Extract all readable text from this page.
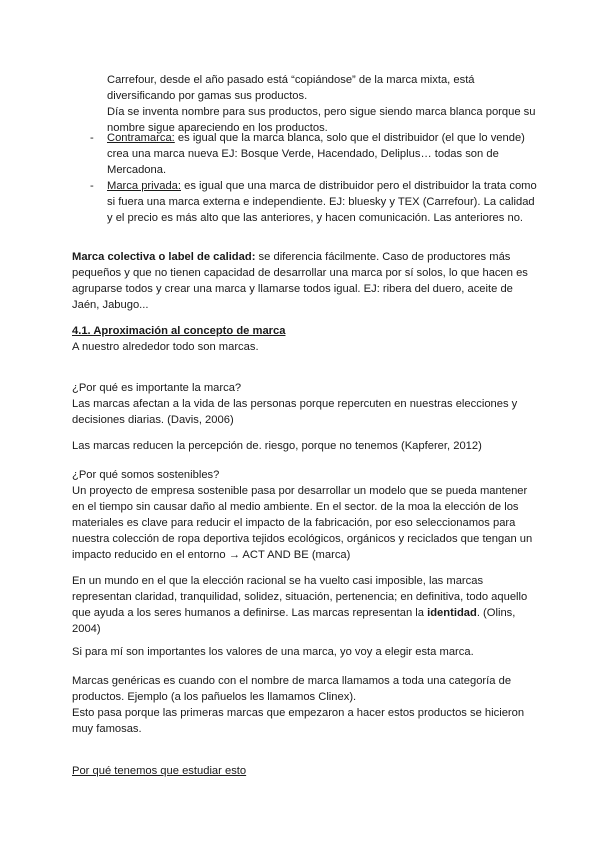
Carrefour, desde el año pasado está “copiándose” de la marca mixta, está diversificando por gamas sus productos.

Día se inventa nombre para sus productos, pero sigue siendo marca blanca porque su nombre sigue apareciendo en los productos.

- Contramarca: es igual que la marca blanca, solo que el distribuidor (el que lo vende) crea una marca nueva EJ: Bosque Verde, Hacendado, Deliplus… todas son de Mercadona.
- Marca privada: es igual que una marca de distribuidor pero el distribuidor la trata como si fuera una marca externa e independiente. EJ: bluesky y TEX (Carrefour). La calidad y el precio es más alto que las anteriores, y hacen comunicación. Las anteriores no.

Marca colectiva o label de calidad: se diferencia fácilmente. Caso de productores más pequeños y que no tienen capacidad de desarrollar una marca por sí solos, lo que hacen es agruparse todos y crear una marca y llamarse todos igual. EJ: ribera del duero, aceite de Jaén, Jabugo...

4.1. Aproximación al concepto de marca

A nuestro alrededor todo son marcas.

¿Por qué es importante la marca?

Las marcas afectan a la vida de las personas porque repercuten en nuestras elecciones y decisiones diarias. (Davis, 2006)

Las marcas reducen la percepción de. riesgo, porque no tenemos (Kapferer, 2012)

¿Por qué somos sostenibles?

Un proyecto de empresa sostenible pasa por desarrollar un modelo que se pueda mantener en el tiempo sin causar daño al medio ambiente. En el sector. de la moa la elección de los materiales es clave para reducir el impacto de la fabricación, por eso seleccionamos para nuestra colección de ropa deportiva tejidos ecológicos, orgánicos y reciclados que tengan un impacto reducido en el entorno → ACT AND BE (marca)

En un mundo en el que la elección racional se ha vuelto casi imposible, las marcas representan claridad, tranquilidad, solidez, situación, pertenencia; en definitiva, todo aquello que ayuda a los seres humanos a definirse. Las marcas representan la identidad. (Olins, 2004)

Si para mí son importantes los valores de una marca, yo voy a elegir esta marca.

Marcas genéricas es cuando con el nombre de marca llamamos a toda una categoría de productos. Ejemplo (a los pañuelos les llamamos Clinex).

Esto pasa porque las primeras marcas que empezaron a hacer estos productos se hicieron muy famosas.

Por qué tenemos que estudiar esto
